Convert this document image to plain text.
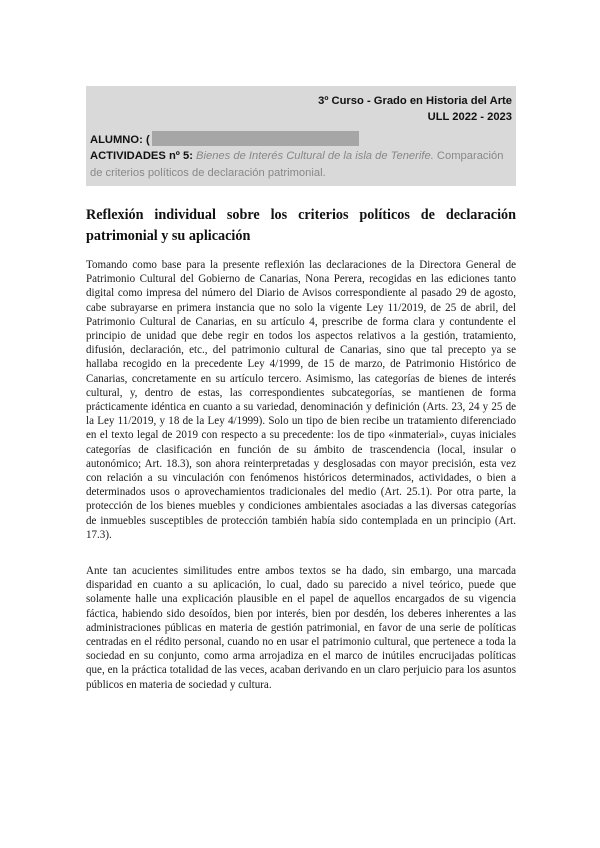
3º Curso - Grado en Historia del Arte
ULL 2022 - 2023
ALUMNO: (
ACTIVIDADES nº 5: Bienes de Interés Cultural de la isla de Tenerife. Comparación de criterios políticos de declaración patrimonial.
Reflexión individual sobre los criterios políticos de declaración patrimonial y su aplicación

Tomando como base para la presente reflexión las declaraciones de la Directora General de Patrimonio Cultural del Gobierno de Canarias, Nona Perera, recogidas en las ediciones tanto digital como impresa del número del Diario de Avisos correspondiente al pasado 29 de agosto, cabe subrayarse en primera instancia que no solo la vigente Ley 11/2019, de 25 de abril, del Patrimonio Cultural de Canarias, en su artículo 4, prescribe de forma clara y contundente el principio de unidad que debe regir en todos los aspectos relativos a la gestión, tratamiento, difusión, declaración, etc., del patrimonio cultural de Canarias, sino que tal precepto ya se hallaba recogido en la precedente Ley 4/1999, de 15 de marzo, de Patrimonio Histórico de Canarias, concretamente en su artículo tercero. Asimismo, las categorías de bienes de interés cultural, y, dentro de estas, las correspondientes subcategorías, se mantienen de forma prácticamente idéntica en cuanto a su variedad, denominación y definición (Arts. 23, 24 y 25 de la Ley 11/2019, y 18 de la Ley 4/1999). Solo un tipo de bien recibe un tratamiento diferenciado en el texto legal de 2019 con respecto a su precedente: los de tipo «inmaterial», cuyas iniciales categorías de clasificación en función de su ámbito de trascendencia (local, insular o autonómico; Art. 18.3), son ahora reinterpretadas y desglosadas con mayor precisión, esta vez con relación a su vinculación con fenómenos históricos determinados, actividades, o bien a determinados usos o aprovechamientos tradicionales del medio (Art. 25.1). Por otra parte, la protección de los bienes muebles y condiciones ambientales asociadas a las diversas categorías de inmuebles susceptibles de protección también había sido contemplada en un principio (Art. 17.3).

Ante tan acucientes similitudes entre ambos textos se ha dado, sin embargo, una marcada disparidad en cuanto a su aplicación, lo cual, dado su parecido a nivel teórico, puede que solamente halle una explicación plausible en el papel de aquellos encargados de su vigencia fáctica, habiendo sido desoídos, bien por interés, bien por desdén, los deberes inherentes a las administraciones públicas en materia de gestión patrimonial, en favor de una serie de políticas centradas en el rédito personal, cuando no en usar el patrimonio cultural, que pertenece a toda la sociedad en su conjunto, como arma arrojadiza en el marco de inútiles encrucijadas políticas que, en la práctica totalidad de las veces, acaban derivando en un claro perjuicio para los asuntos públicos en materia de sociedad y cultura.
